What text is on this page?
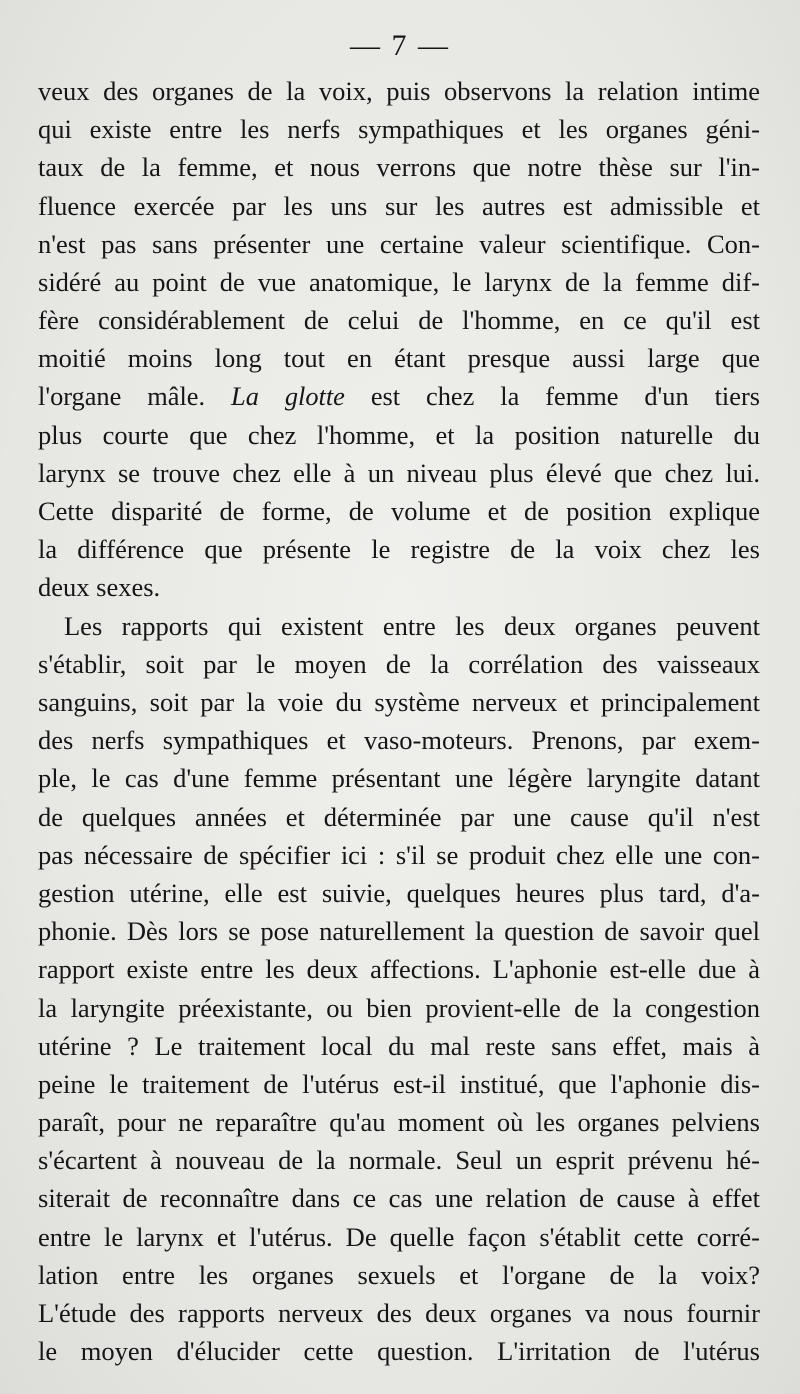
— 7 —
veux des organes de la voix, puis observons la relation intime
qui existe entre les nerfs sympathiques et les organes géni-
taux de la femme, et nous verrons que notre thèse sur l'in-
fluence exercée par les uns sur les autres est admissible et
n'est pas sans présenter une certaine valeur scientifique. Con-
sidéré au point de vue anatomique, le larynx de la femme dif-
fère considérablement de celui de l'homme, en ce qu'il est
moitié moins long tout en étant presque aussi large que
l'organe mâle. La glotte est chez la femme d'un tiers
plus courte que chez l'homme, et la position naturelle du
larynx se trouve chez elle à un niveau plus élevé que chez lui.
Cette disparité de forme, de volume et de position explique
la différence que présente le registre de la voix chez les
deux sexes.
Les rapports qui existent entre les deux organes peuvent
s'établir, soit par le moyen de la corrélation des vaisseaux
sanguins, soit par la voie du système nerveux et principalement
des nerfs sympathiques et vaso-moteurs. Prenons, par exem-
ple, le cas d'une femme présentant une légère laryngite datant
de quelques années et déterminée par une cause qu'il n'est
pas nécessaire de spécifier ici : s'il se produit chez elle une con-
gestion utérine, elle est suivie, quelques heures plus tard, d'a-
phonie. Dès lors se pose naturellement la question de savoir quel
rapport existe entre les deux affections. L'aphonie est-elle due à
la laryngite préexistante, ou bien provient-elle de la congestion
utérine ? Le traitement local du mal reste sans effet, mais à
peine le traitement de l'utérus est-il institué, que l'aphonie dis-
paraît, pour ne reparaître qu'au moment où les organes pelviens
s'écartent à nouveau de la normale. Seul un esprit prévenu hé-
siterait de reconnaître dans ce cas une relation de cause à effet
entre le larynx et l'utérus. De quelle façon s'établit cette corré-
lation entre les organes sexuels et l'organe de la voix?
L'étude des rapports nerveux des deux organes va nous fournir
le moyen d'élucider cette question. L'irritation de l'utérus
